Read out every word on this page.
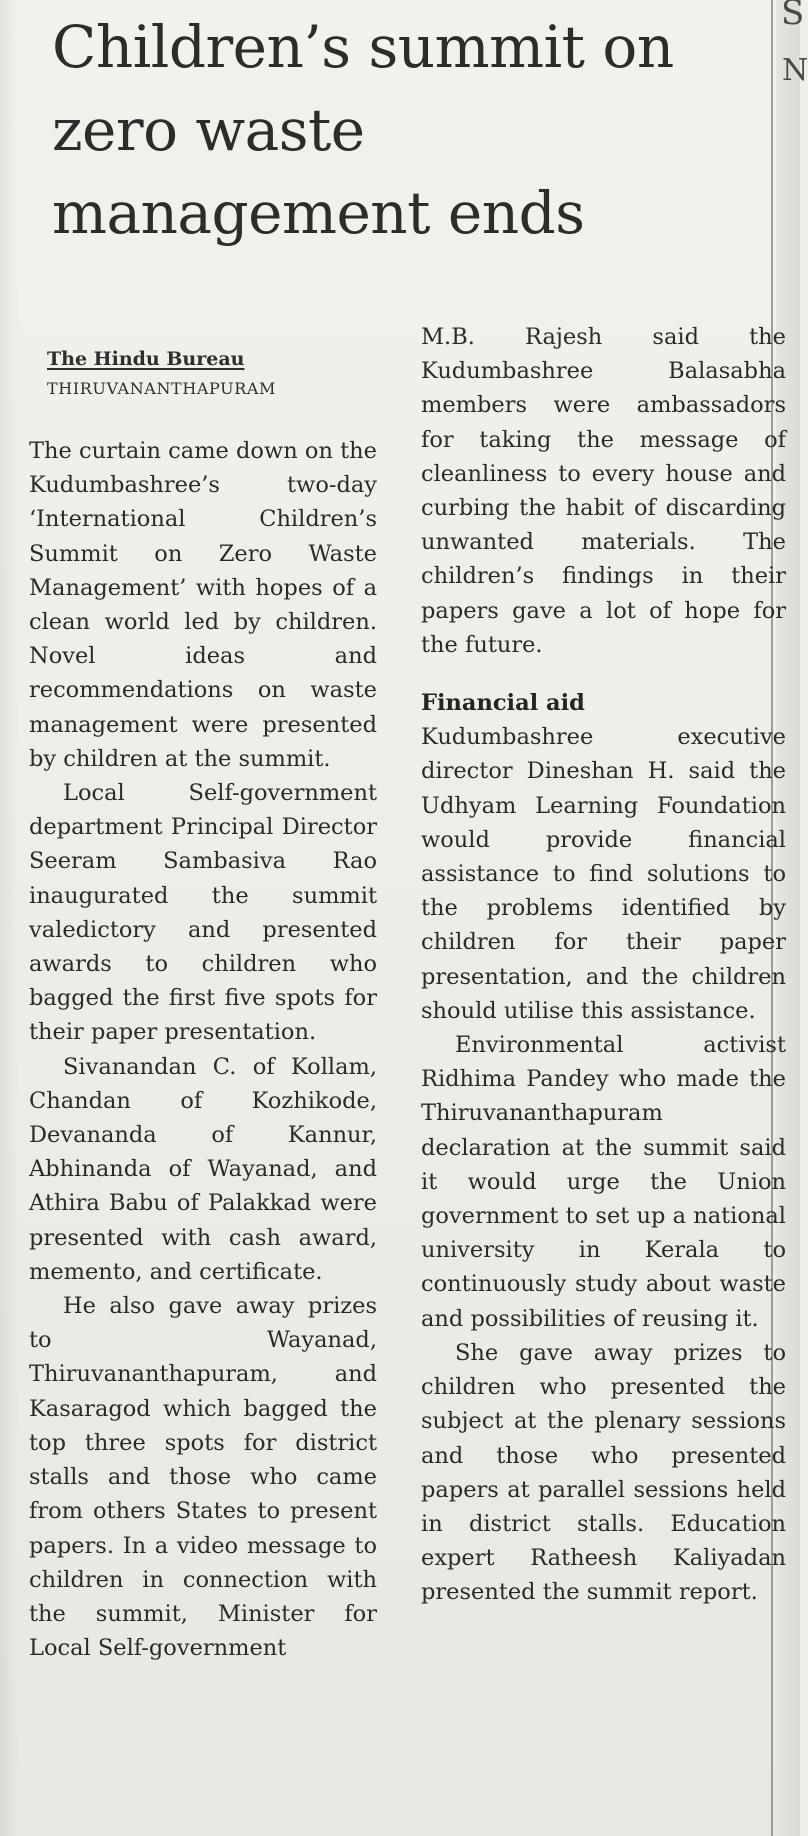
S
N
Children’s summit on zero waste management ends
The Hindu Bureau
THIRUVANANTHAPURAM

The curtain came down on the Kudumbashree’s two-day ‘International Children’s Summit on Zero Waste Management’ with hopes of a clean world led by children. Novel ideas and recommendations on waste management were presented by children at the summit.

Local Self-government department Principal Director Seeram Sambasiva Rao inaugurated the summit valedictory and presented awards to children who bagged the first five spots for their paper presentation.

Sivanandan C. of Kollam, Chandan of Kozhikode, Devananda of Kannur, Abhinanda of Wayanad, and Athira Babu of Palakkad were presented with cash award, memento, and certificate.

He also gave away prizes to Wayanad, Thiruvananthapuram, and Kasaragod which bagged the top three spots for district stalls and those who came from others States to present papers. In a video message to children in connection with the summit, Minister for Local Self-government

M.B. Rajesh said the Kudumbashree Balasabha members were ambassadors for taking the message of cleanliness to every house and curbing the habit of discarding unwanted materials. The children’s findings in their papers gave a lot of hope for the future.

Financial aid

Kudumbashree executive director Dineshan H. said the Udhyam Learning Foundation would provide financial assistance to find solutions to the problems identified by children for their paper presentation, and the children should utilise this assistance.

Environmental activist Ridhima Pandey who made the Thiruvananthapuram declaration at the summit said it would urge the Union government to set up a national university in Kerala to continuously study about waste and possibilities of reusing it.

She gave away prizes to children who presented the subject at the plenary sessions and those who presented papers at parallel sessions held in district stalls. Education expert Ratheesh Kaliyadan presented the summit report.
